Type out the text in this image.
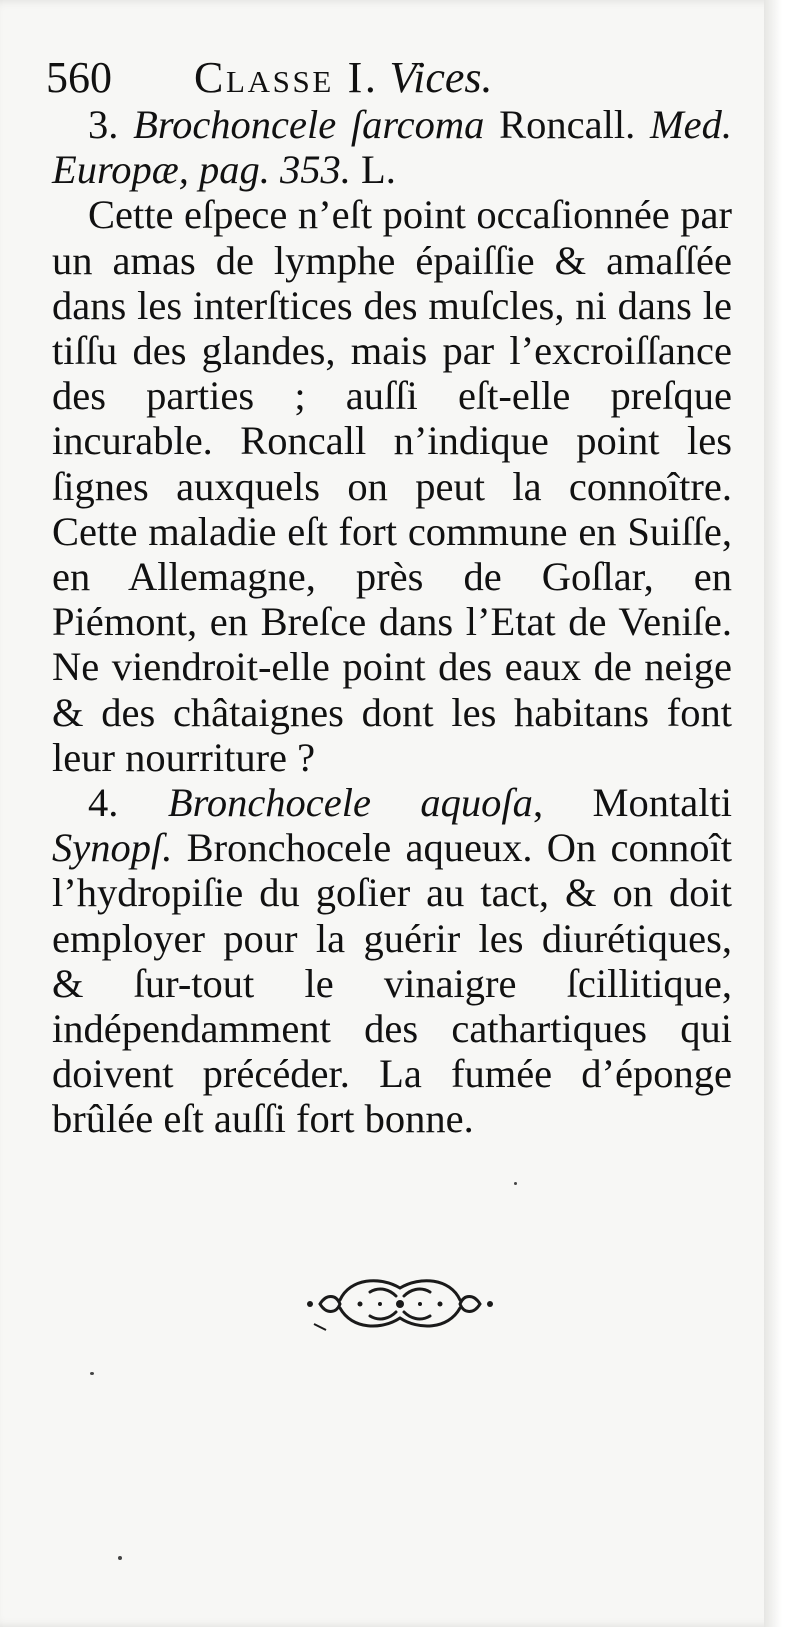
560 Classe I. Vices.

3. Brochoncele ſarcoma Roncall. Med. Europæ, pag. 353. L.

Cette eſpece n’eſt point occaſionnée par un amas de lymphe épaiſſie & amaſſée dans les interſtices des muſcles, ni dans le tiſſu des glandes, mais par l’excroiſſance des parties ; auſſi eſt-elle preſque incurable. Roncall n’indique point les ſignes auxquels on peut la connoître. Cette maladie eſt fort commune en Suiſſe, en Allemagne, près de Goſlar, en Piémont, en Breſce dans l’Etat de Veniſe. Ne viendroit-elle point des eaux de neige & des châtaignes dont les habitans font leur nourriture ?

4. Bronchocele aquoſa, Montalti Synopſ. Bronchocele aqueux. On connoît l’hydropiſie du goſier au tact, & on doit employer pour la guérir les diurétiques, & ſur-tout le vinaigre ſcillitique, indépendamment des cathartiques qui doivent précéder. La fumée d’éponge brûlée eſt auſſi fort bonne.
